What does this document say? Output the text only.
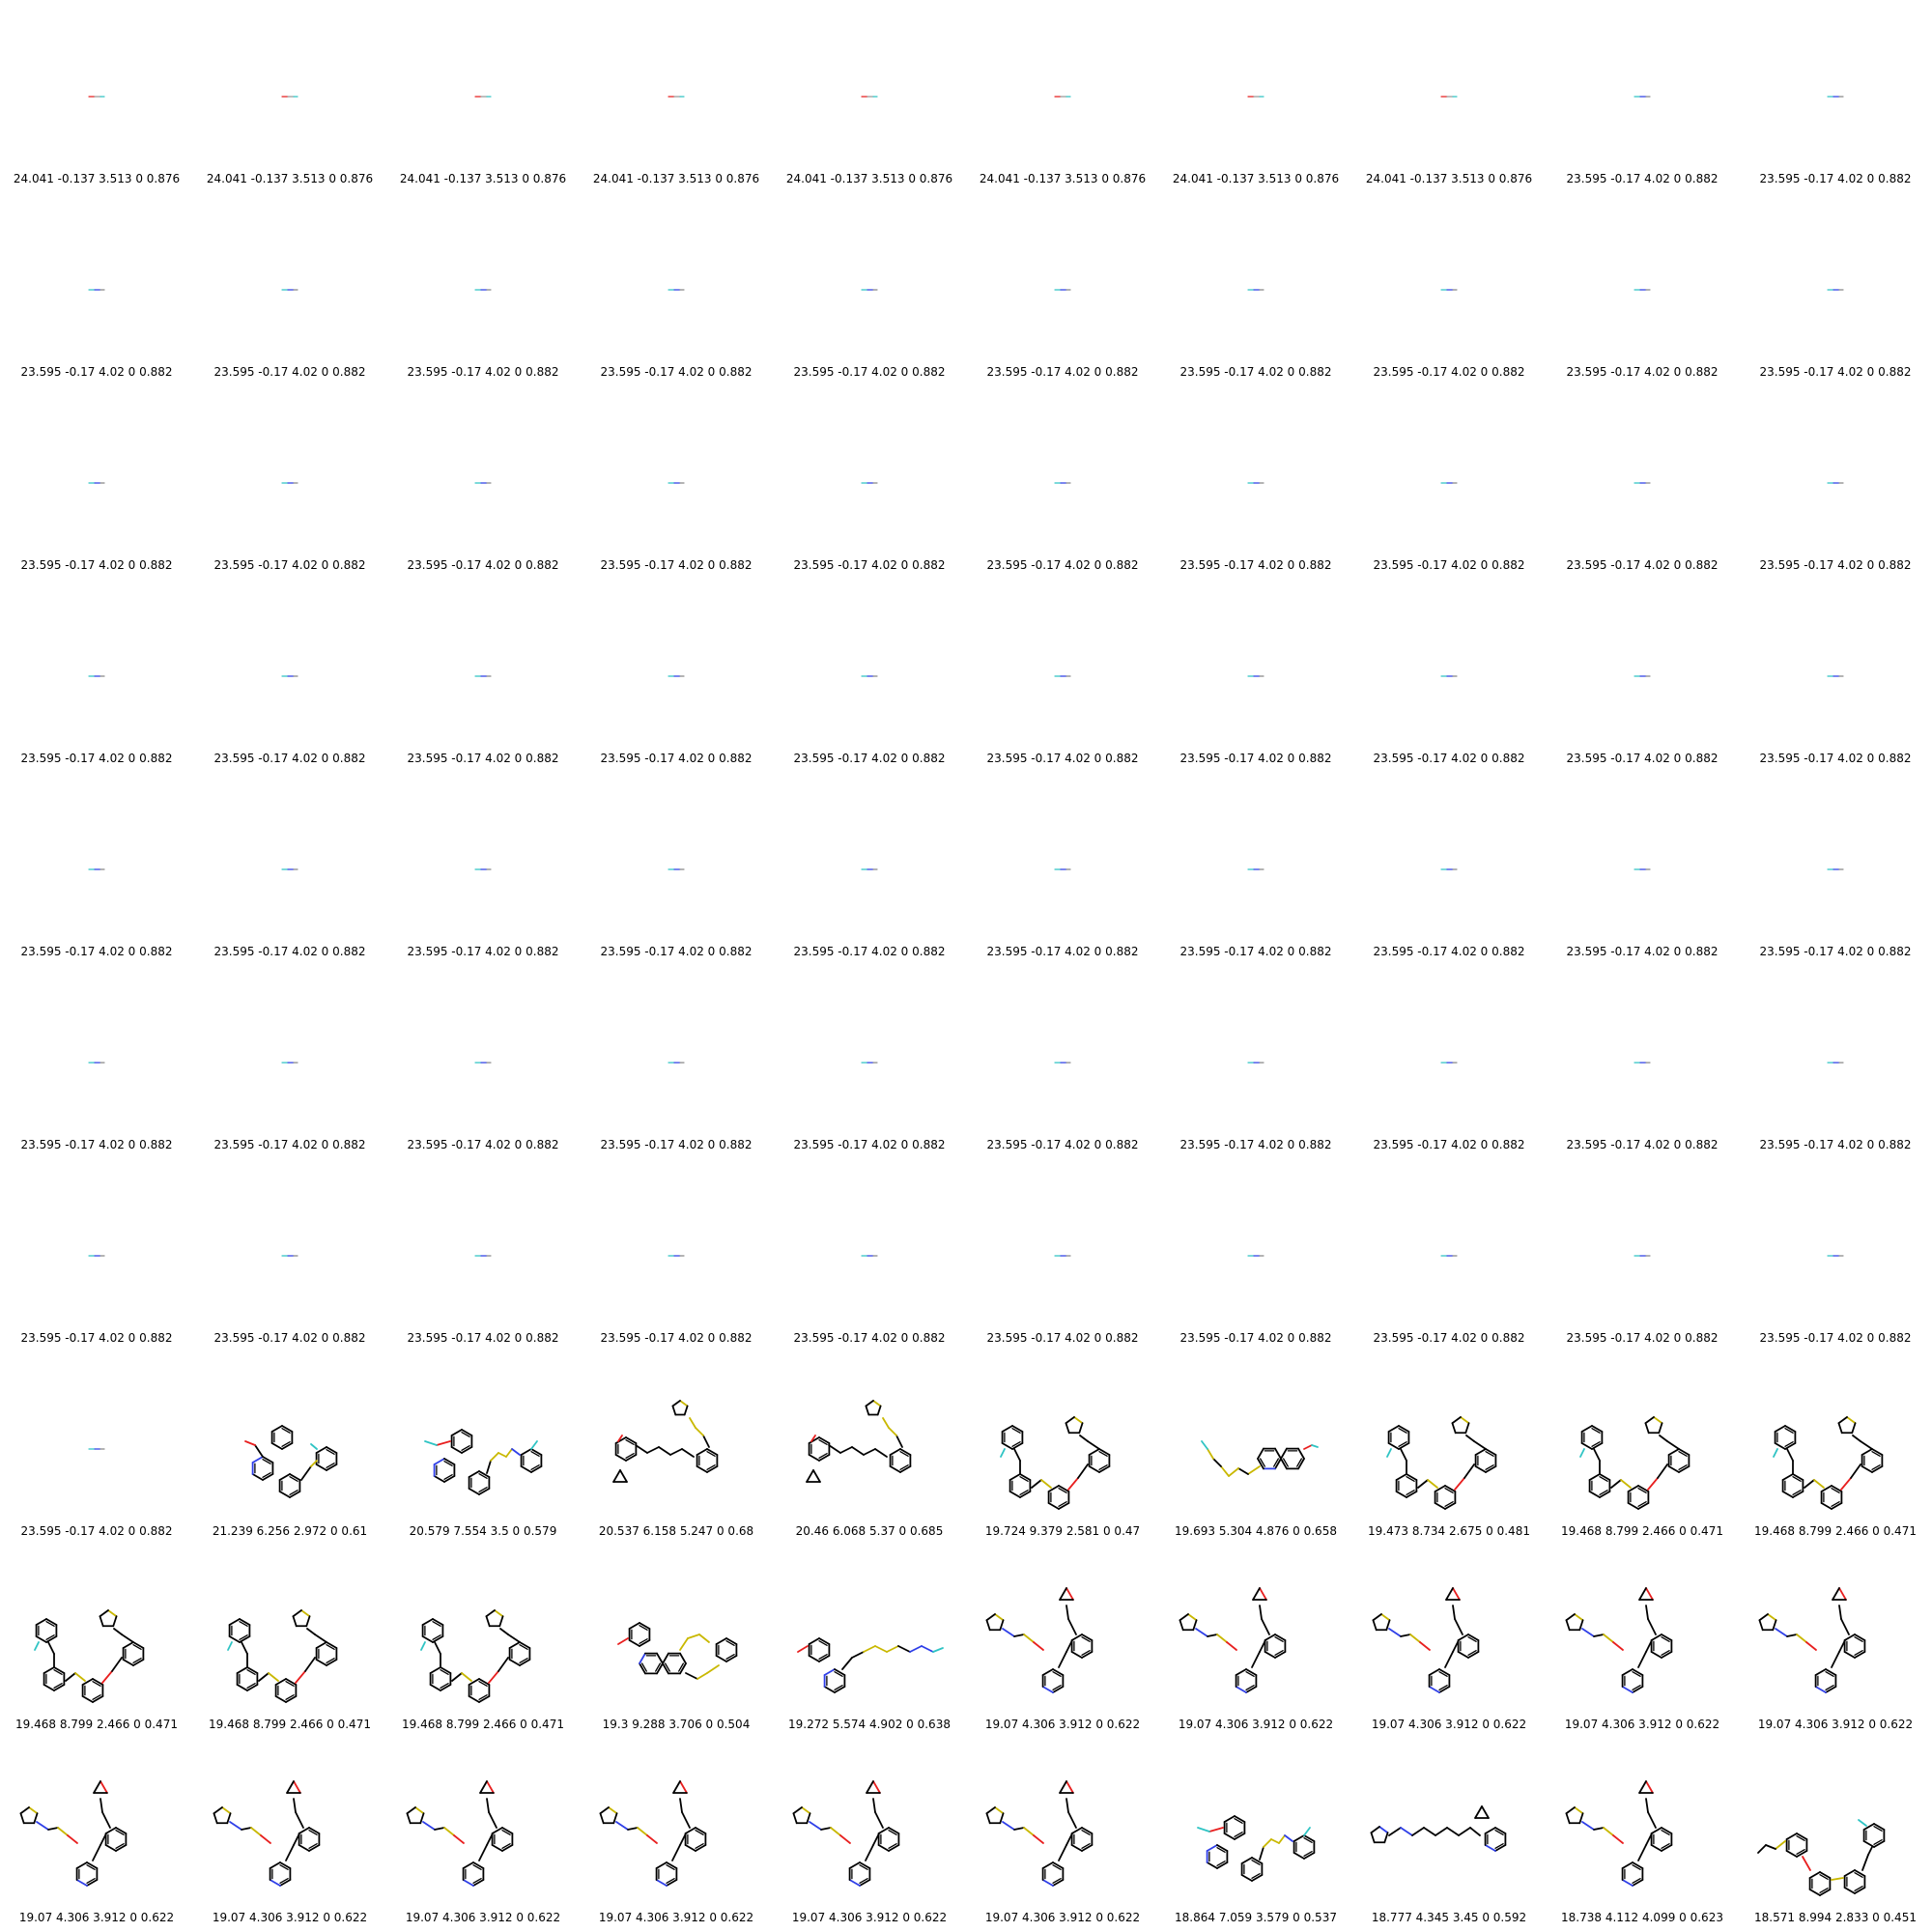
24.041 -0.137 3.513 0 0.876	24.041 -0.137 3.513 0 0.876	24.041 -0.137 3.513 0 0.876	24.041 -0.137 3.513 0 0.876	24.041 -0.137 3.513 0 0.876	24.041 -0.137 3.513 0 0.876	24.041 -0.137 3.513 0 0.876	24.041 -0.137 3.513 0 0.876	23.595 -0.17 4.02 0 0.882	23.595 -0.17 4.02 0 0.882
23.595 -0.17 4.02 0 0.882	23.595 -0.17 4.02 0 0.882	23.595 -0.17 4.02 0 0.882	23.595 -0.17 4.02 0 0.882	23.595 -0.17 4.02 0 0.882	23.595 -0.17 4.02 0 0.882	23.595 -0.17 4.02 0 0.882	23.595 -0.17 4.02 0 0.882	23.595 -0.17 4.02 0 0.882	23.595 -0.17 4.02 0 0.882
23.595 -0.17 4.02 0 0.882	23.595 -0.17 4.02 0 0.882	23.595 -0.17 4.02 0 0.882	23.595 -0.17 4.02 0 0.882	23.595 -0.17 4.02 0 0.882	23.595 -0.17 4.02 0 0.882	23.595 -0.17 4.02 0 0.882	23.595 -0.17 4.02 0 0.882	23.595 -0.17 4.02 0 0.882	23.595 -0.17 4.02 0 0.882
23.595 -0.17 4.02 0 0.882	23.595 -0.17 4.02 0 0.882	23.595 -0.17 4.02 0 0.882	23.595 -0.17 4.02 0 0.882	23.595 -0.17 4.02 0 0.882	23.595 -0.17 4.02 0 0.882	23.595 -0.17 4.02 0 0.882	23.595 -0.17 4.02 0 0.882	23.595 -0.17 4.02 0 0.882	23.595 -0.17 4.02 0 0.882
23.595 -0.17 4.02 0 0.882	23.595 -0.17 4.02 0 0.882	23.595 -0.17 4.02 0 0.882	23.595 -0.17 4.02 0 0.882	23.595 -0.17 4.02 0 0.882	23.595 -0.17 4.02 0 0.882	23.595 -0.17 4.02 0 0.882	23.595 -0.17 4.02 0 0.882	23.595 -0.17 4.02 0 0.882	23.595 -0.17 4.02 0 0.882
23.595 -0.17 4.02 0 0.882	23.595 -0.17 4.02 0 0.882	23.595 -0.17 4.02 0 0.882	23.595 -0.17 4.02 0 0.882	23.595 -0.17 4.02 0 0.882	23.595 -0.17 4.02 0 0.882	23.595 -0.17 4.02 0 0.882	23.595 -0.17 4.02 0 0.882	23.595 -0.17 4.02 0 0.882	23.595 -0.17 4.02 0 0.882
23.595 -0.17 4.02 0 0.882	23.595 -0.17 4.02 0 0.882	23.595 -0.17 4.02 0 0.882	23.595 -0.17 4.02 0 0.882	23.595 -0.17 4.02 0 0.882	23.595 -0.17 4.02 0 0.882	23.595 -0.17 4.02 0 0.882	23.595 -0.17 4.02 0 0.882	23.595 -0.17 4.02 0 0.882	23.595 -0.17 4.02 0 0.882
23.595 -0.17 4.02 0 0.882	21.239 6.256 2.972 0 0.61	20.579 7.554 3.5 0 0.579	20.537 6.158 5.247 0 0.68	20.46 6.068 5.37 0 0.685	19.724 9.379 2.581 0 0.47	19.693 5.304 4.876 0 0.658	19.473 8.734 2.675 0 0.481	19.468 8.799 2.466 0 0.471	19.468 8.799 2.466 0 0.471
19.468 8.799 2.466 0 0.471	19.468 8.799 2.466 0 0.471	19.468 8.799 2.466 0 0.471	19.3 9.288 3.706 0 0.504	19.272 5.574 4.902 0 0.638	19.07 4.306 3.912 0 0.622	19.07 4.306 3.912 0 0.622	19.07 4.306 3.912 0 0.622	19.07 4.306 3.912 0 0.622	19.07 4.306 3.912 0 0.622
19.07 4.306 3.912 0 0.622	19.07 4.306 3.912 0 0.622	19.07 4.306 3.912 0 0.622	19.07 4.306 3.912 0 0.622	19.07 4.306 3.912 0 0.622	19.07 4.306 3.912 0 0.622	18.864 7.059 3.579 0 0.537	18.777 4.345 3.45 0 0.592	18.738 4.112 4.099 0 0.623	18.571 8.994 2.833 0 0.451
